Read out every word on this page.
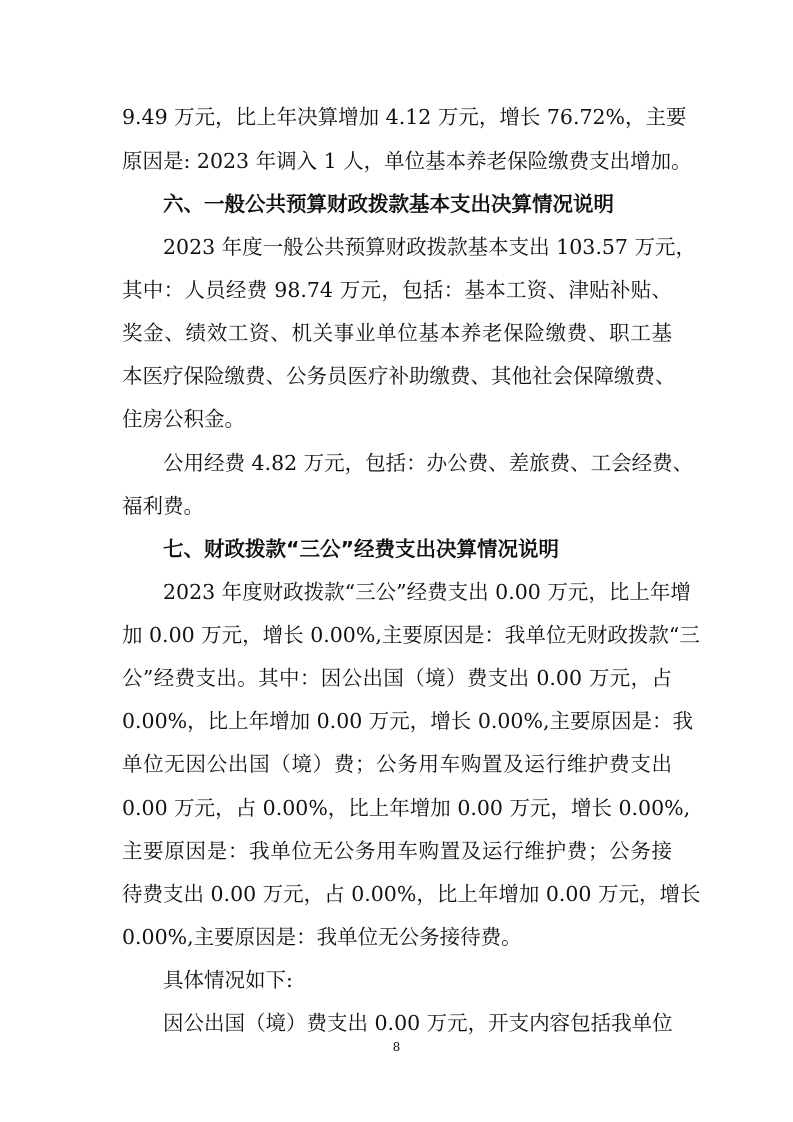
9.49 万元，比上年决算增加 4.12 万元，增长 76.72%，主要
原因是: 2023 年调入 1 人，单位基本养老保险缴费支出增加。
六、一般公共预算财政拨款基本支出决算情况说明
2023 年度一般公共预算财政拨款基本支出 103.57 万元，
其中：人员经费 98.74 万元，包括：基本工资、津贴补贴、
奖金、绩效工资、机关事业单位基本养老保险缴费、职工基
本医疗保险缴费、公务员医疗补助缴费、其他社会保障缴费、
住房公积金。
公用经费 4.82 万元，包括：办公费、差旅费、工会经费、
福利费。
七、财政拨款“三公”经费支出决算情况说明
2023 年度财政拨款“三公”经费支出 0.00 万元，比上年增
加 0.00 万元，增长 0.00%,主要原因是：我单位无财政拨款“三
公”经费支出。其中：因公出国（境）费支出 0.00 万元，占
0.00%，比上年增加 0.00 万元，增长 0.00%,主要原因是：我
单位无因公出国（境）费；公务用车购置及运行维护费支出
0.00 万元，占 0.00%，比上年增加 0.00 万元，增长 0.00%,
主要原因是：我单位无公务用车购置及运行维护费；公务接
待费支出 0.00 万元，占 0.00%，比上年增加 0.00 万元，增长
0.00%,主要原因是：我单位无公务接待费。
具体情况如下:
因公出国（境）费支出 0.00 万元，开支内容包括我单位
8
